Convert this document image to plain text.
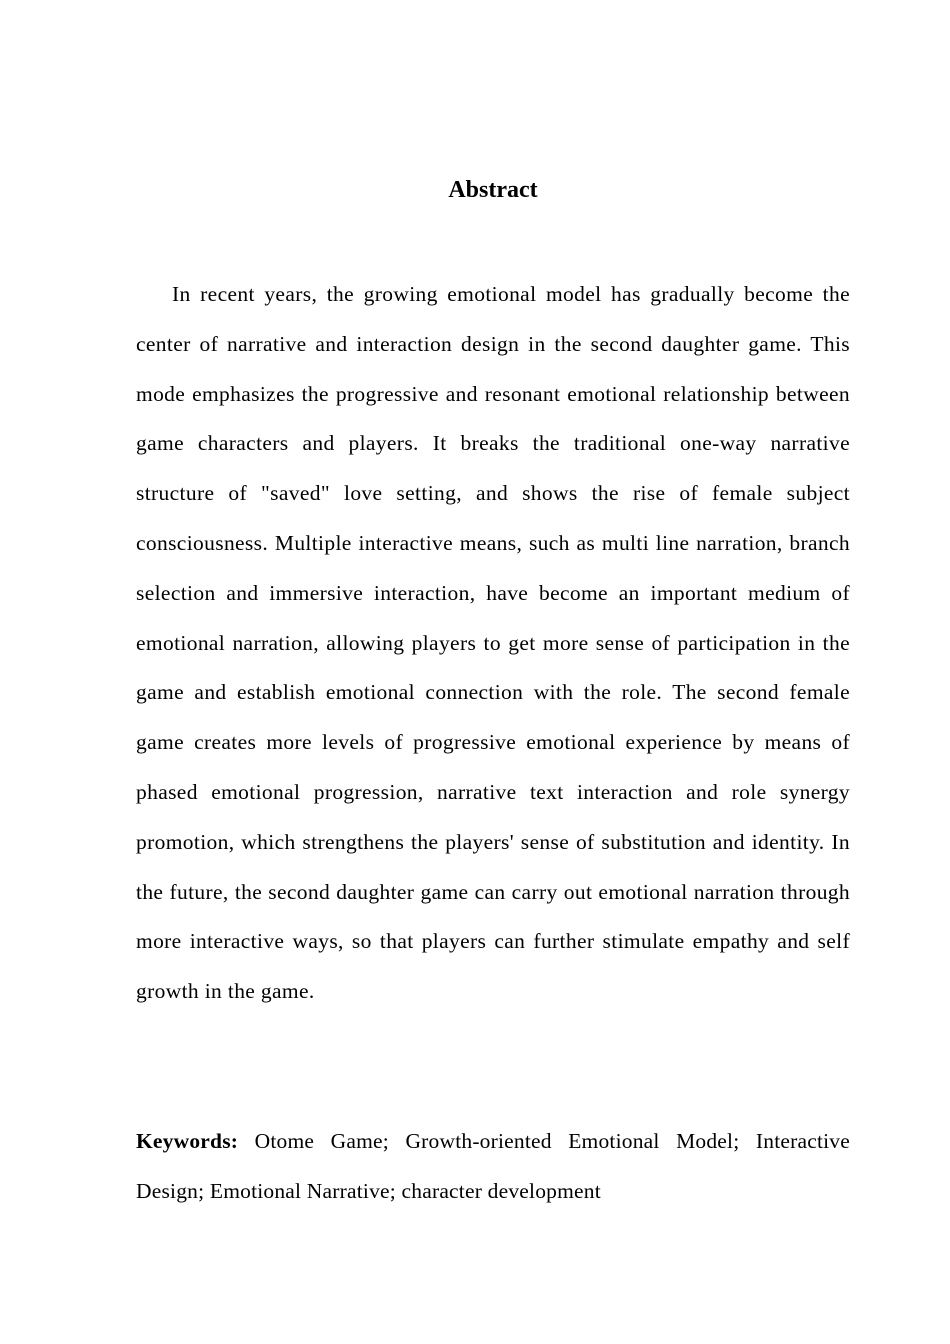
Abstract

In recent years, the growing emotional model has gradually become the center of narrative and interaction design in the second daughter game. This mode emphasizes the progressive and resonant emotional relationship between game characters and players. It breaks the traditional one-way narrative structure of "saved" love setting, and shows the rise of female subject consciousness. Multiple interactive means, such as multi line narration, branch selection and immersive interaction, have become an important medium of emotional narration, allowing players to get more sense of participation in the game and establish emotional connection with the role. The second female game creates more levels of progressive emotional experience by means of phased emotional progression, narrative text interaction and role synergy promotion, which strengthens the players' sense of substitution and identity. In the future, the second daughter game can carry out emotional narration through more interactive ways, so that players can further stimulate empathy and self growth in the game.

Keywords: Otome Game; Growth-oriented Emotional Model; Interactive Design; Emotional Narrative; character development
